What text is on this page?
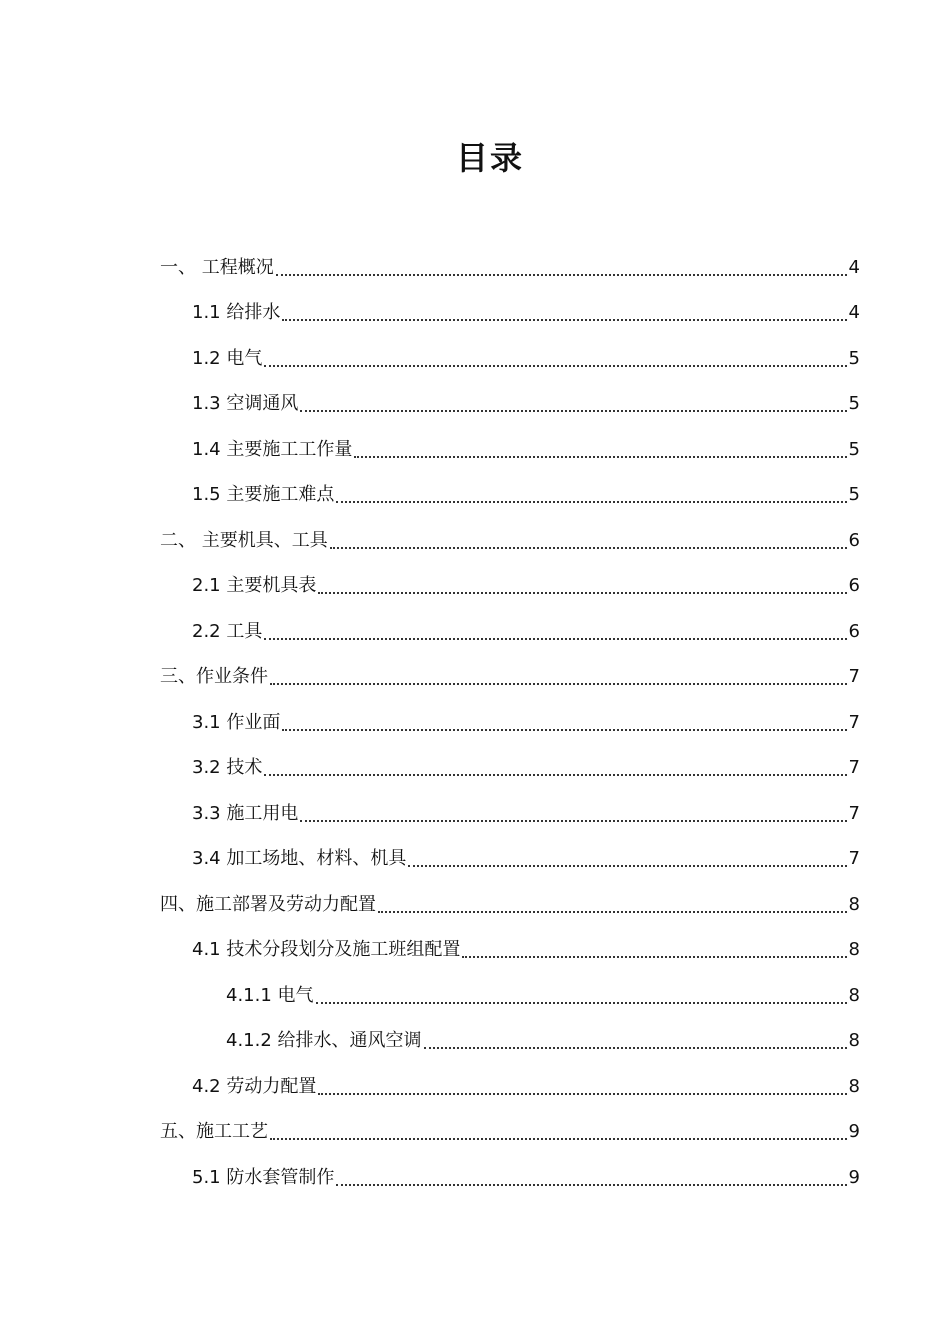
目录
一、 工程概况	4
1.1 给排水	4
1.2 电气	5
1.3 空调通风	5
1.4 主要施工工作量	5
1.5 主要施工难点	5
二、 主要机具、工具	6
2.1 主要机具表	6
2.2 工具	6
三、作业条件	7
3.1 作业面	7
3.2 技术	7
3.3 施工用电	7
3.4 加工场地、材料、机具	7
四、施工部署及劳动力配置	8
4.1 技术分段划分及施工班组配置	8
4.1.1 电气	8
4.1.2 给排水、通风空调	8
4.2 劳动力配置	8
五、施工工艺	9
5.1 防水套管制作	9
